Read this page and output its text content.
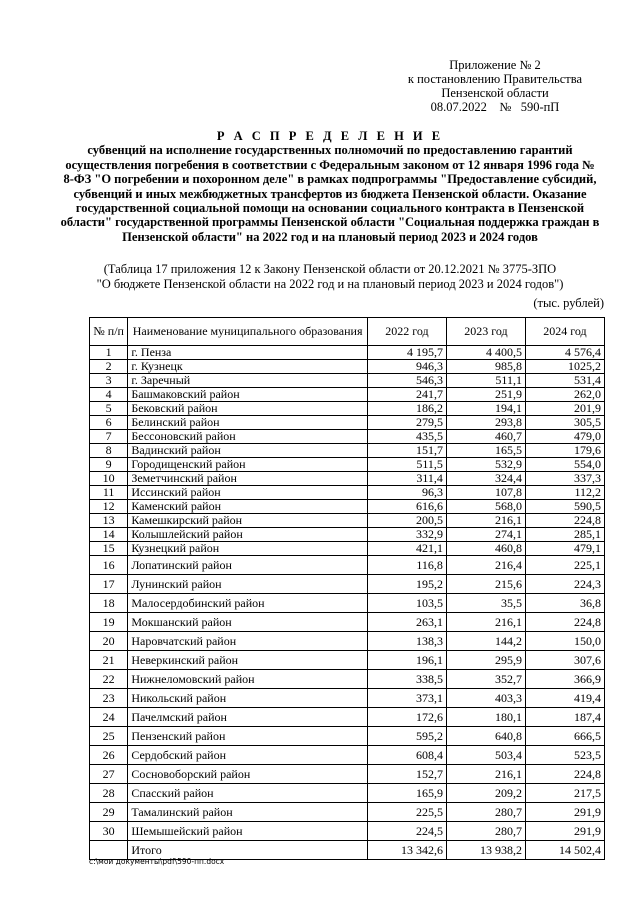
Приложение № 2
к постановлению Правительства
Пензенской области
08.07.2022    №   590-пП
Р А С П Р Е Д Е Л Е Н И Е
субвенций на исполнение государственных полномочий по предоставлению гарантий осуществления погребения в соответствии с Федеральным законом от 12 января 1996 года № 8-ФЗ "О погребении и похоронном деле" в рамках подпрограммы "Предоставление субсидий, субвенций и иных межбюджетных трансфертов из бюджета Пензенской области. Оказание государственной социальной помощи на основании социального контракта в Пензенской области" государственной программы Пензенской области "Социальная поддержка граждан в Пензенской области" на 2022 год и на плановый период 2023 и 2024 годов
(Таблица 17 приложения 12 к Закону Пензенской области от 20.12.2021 № 3775-ЗПО
"О бюджете Пензенской области на 2022 год и на плановый период 2023 и 2024 годов")
(тыс. рублей)
№ п/п	Наименование муниципального образования	2022 год	2023 год	2024 год
1	г. Пенза	4 195,7	4 400,5	4 576,4
2	г. Кузнецк	946,3	985,8	1025,2
3	г. Заречный	546,3	511,1	531,4
4	Башмаковский район	241,7	251,9	262,0
5	Бековский район	186,2	194,1	201,9
6	Белинский район	279,5	293,8	305,5
7	Бессоновский район	435,5	460,7	479,0
8	Вадинский район	151,7	165,5	179,6
9	Городищенский район	511,5	532,9	554,0
10	Земетчинский район	311,4	324,4	337,3
11	Иссинский район	96,3	107,8	112,2
12	Каменский район	616,6	568,0	590,5
13	Камешкирский район	200,5	216,1	224,8
14	Колышлейский район	332,9	274,1	285,1
15	Кузнецкий район	421,1	460,8	479,1
16	Лопатинский район	116,8	216,4	225,1
17	Лунинский район	195,2	215,6	224,3
18	Малосердобинский район	103,5	35,5	36,8
19	Мокшанский район	263,1	216,1	224,8
20	Наровчатский район	138,3	144,2	150,0
21	Неверкинский район	196,1	295,9	307,6
22	Нижнеломовский район	338,5	352,7	366,9
23	Никольский район	373,1	403,3	419,4
24	Пачелмский район	172,6	180,1	187,4
25	Пензенский район	595,2	640,8	666,5
26	Сердобский район	608,4	503,4	523,5
27	Сосновоборский район	152,7	216,1	224,8
28	Спасский район	165,9	209,2	217,5
29	Тамалинский район	225,5	280,7	291,9
30	Шемышейский район	224,5	280,7	291,9
	Итого	13 342,6	13 938,2	14 502,4
c:\мои документы\pdf\590-пп.docx
